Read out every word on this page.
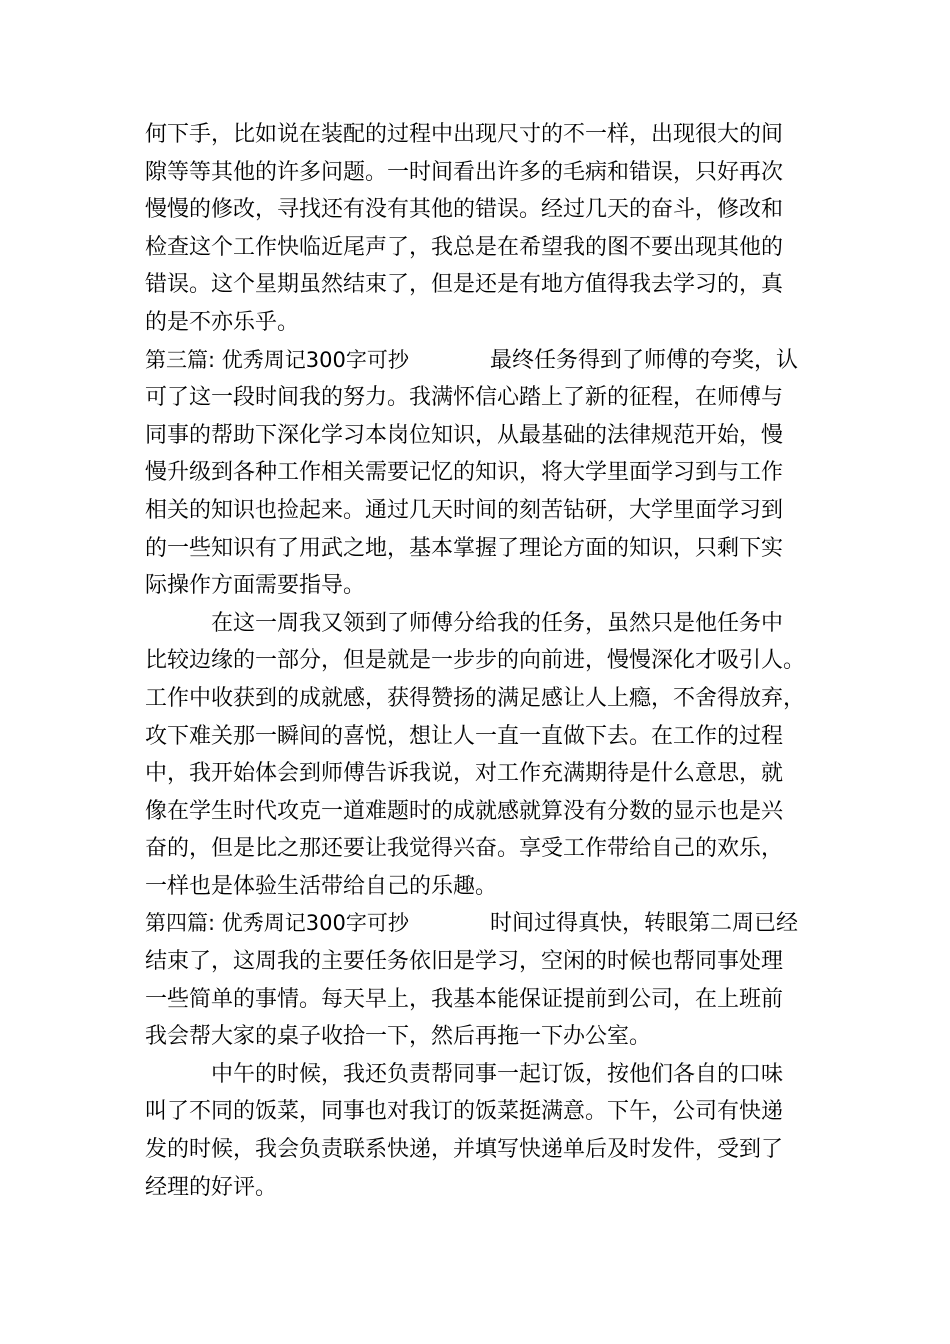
何下手，比如说在装配的过程中出现尺寸的不一样，出现很大的间
隙等等其他的许多问题。一时间看出许多的毛病和错误，只好再次
慢慢的修改，寻找还有没有其他的错误。经过几天的奋斗，修改和
检查这个工作快临近尾声了，我总是在希望我的图不要出现其他的
错误。这个星期虽然结束了，但是还是有地方值得我去学习的，真
的是不亦乐乎。
第三篇: 优秀周记300字可抄	最终任务得到了师傅的夸奖，认
可了这一段时间我的努力。我满怀信心踏上了新的征程，在师傅与
同事的帮助下深化学习本岗位知识，从最基础的法律规范开始，慢
慢升级到各种工作相关需要记忆的知识，将大学里面学习到与工作
相关的知识也捡起来。通过几天时间的刻苦钻研，大学里面学习到
的一些知识有了用武之地，基本掌握了理论方面的知识，只剩下实
际操作方面需要指导。
在这一周我又领到了师傅分给我的任务，虽然只是他任务中
比较边缘的一部分，但是就是一步步的向前进，慢慢深化才吸引人。
工作中收获到的成就感，获得赞扬的满足感让人上瘾，不舍得放弃，
攻下难关那一瞬间的喜悦，想让人一直一直做下去。在工作的过程
中，我开始体会到师傅告诉我说，对工作充满期待是什么意思，就
像在学生时代攻克一道难题时的成就感就算没有分数的显示也是兴
奋的，但是比之那还要让我觉得兴奋。享受工作带给自己的欢乐，
一样也是体验生活带给自己的乐趣。
第四篇: 优秀周记300字可抄	时间过得真快，转眼第二周已经
结束了，这周我的主要任务依旧是学习，空闲的时候也帮同事处理
一些简单的事情。每天早上，我基本能保证提前到公司，在上班前
我会帮大家的桌子收拾一下，然后再拖一下办公室。
中午的时候，我还负责帮同事一起订饭，按他们各自的口味
叫了不同的饭菜，同事也对我订的饭菜挺满意。下午，公司有快递
发的时候，我会负责联系快递，并填写快递单后及时发件，受到了
经理的好评。
